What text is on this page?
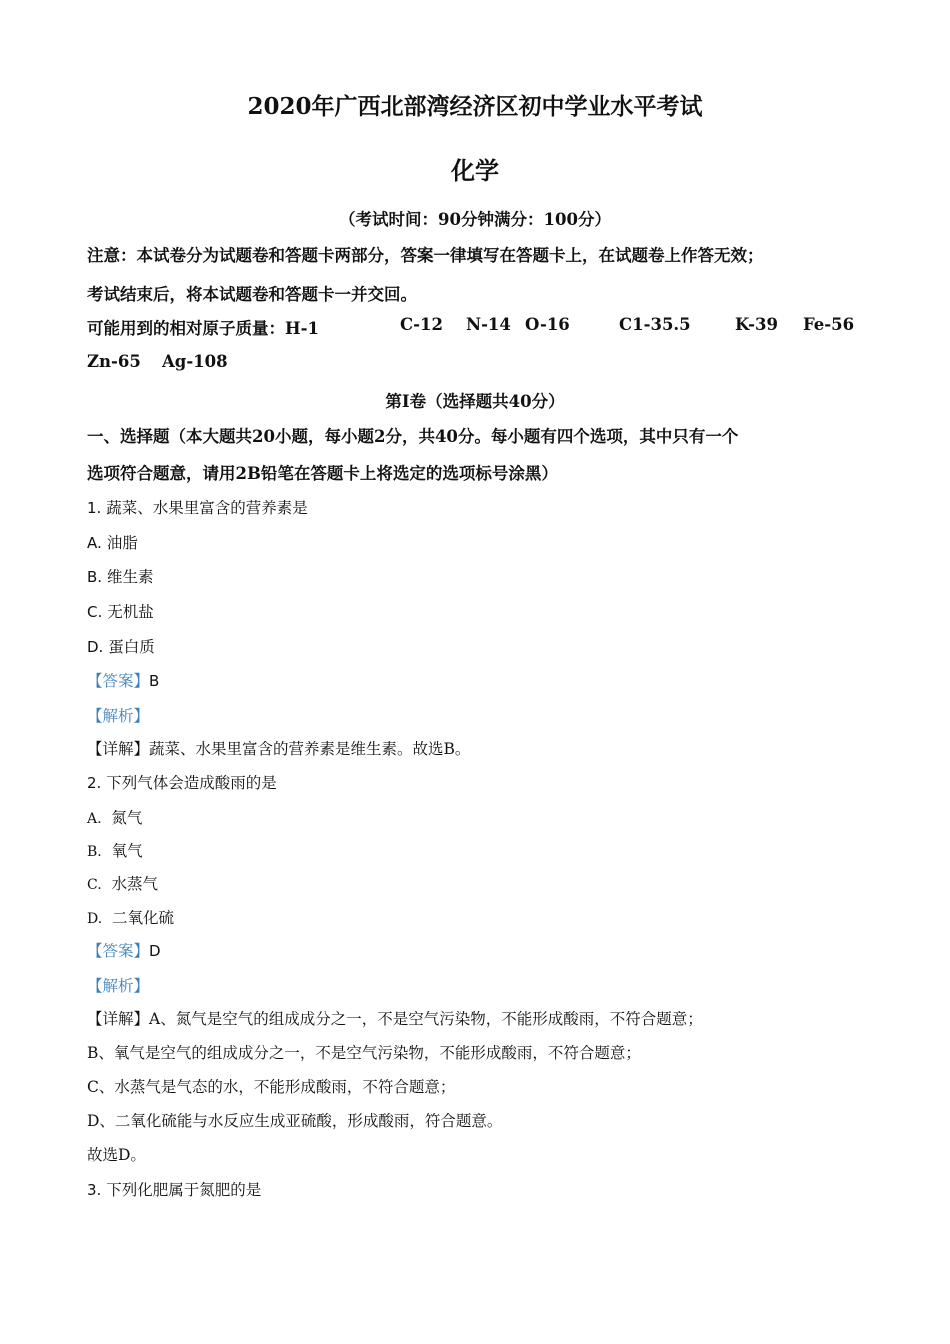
2020年广西北部湾经济区初中学业水平考试
化学
（考试时间：90分钟满分：100分）
注意：本试卷分为试题卷和答题卡两部分，答案一律填写在答题卡上，在试题卷上作答无效；
考试结束后，将本试题卷和答题卡一并交回。
可能用到的相对原子质量：H-1	C-12 N-14 O-16	C1-35.5	K-39 Fe-56
Zn-65 Ag-108
第I卷（选择题共40分）
一、选择题（本大题共20小题，每小题2分，共40分。每小题有四个选项，其中只有一个
选项符合题意，请用2B铅笔在答题卡上将选定的选项标号涂黑）
1. 蔬菜、水果里富含的营养素是
A. 油脂
B. 维生素
C. 无机盐
D. 蛋白质
【答案】B
【解析】
【详解】蔬菜、水果里富含的营养素是维生素。故选B。
2. 下列气体会造成酸雨的是
A. 氮气
B. 氧气
C. 水蒸气
D. 二氧化硫
【答案】D
【解析】
【详解】A、氮气是空气的组成成分之一，不是空气污染物，不能形成酸雨，不符合题意；
B、氧气是空气的组成成分之一，不是空气污染物，不能形成酸雨，不符合题意；
C、水蒸气是气态的水，不能形成酸雨，不符合题意；
D、二氧化硫能与水反应生成亚硫酸，形成酸雨，符合题意。
故选D。
3. 下列化肥属于氮肥的是
